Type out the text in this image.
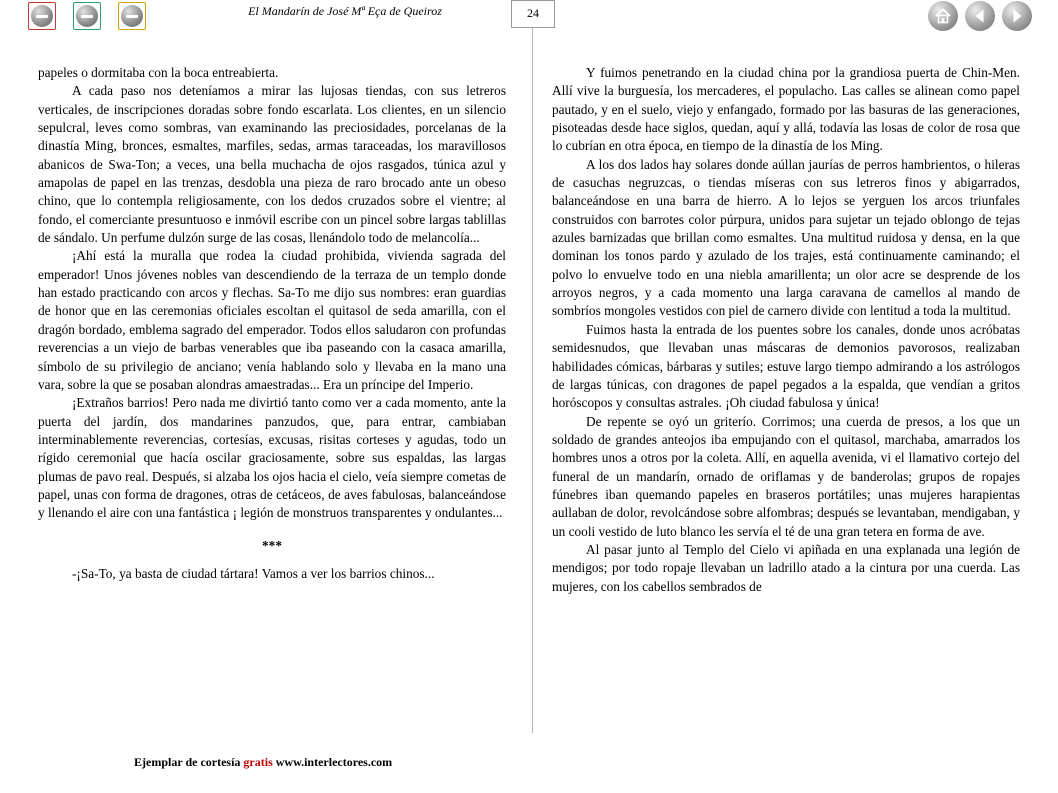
El Mandarín de José Mª Eça de Queiroz	24

papeles o dormitaba con la boca entreabierta.

A cada paso nos deteníamos a mirar las lujosas tiendas, con sus letreros verticales, de inscripciones doradas sobre fondo escarlata. Los clientes, en un silencio sepulcral, leves como sombras, van examinando las preciosidades, porcelanas de la dinastía Ming, bronces, esmaltes, marfiles, sedas, armas taraceadas, los maravillosos abanicos de Swa-Ton; a veces, una bella muchacha de ojos rasgados, túnica azul y amapolas de papel en las trenzas, desdobla una pieza de raro brocado ante un obeso chino, que lo contempla religiosamente, con los dedos cruzados sobre el vientre; al fondo, el comerciante presuntuoso e inmóvil escribe con un pincel sobre largas tablillas de sándalo. Un perfume dulzón surge de las cosas, llenándolo todo de melancolía...

¡Ahí está la muralla que rodea la ciudad prohibida, vivienda sagrada del emperador! Unos jóvenes nobles van descendiendo de la terraza de un templo donde han estado practicando con arcos y flechas. Sa-To me dijo sus nombres: eran guardias de honor que en las ceremonias oficiales escoltan el quitasol de seda amarilla, con el dragón bordado, emblema sagrado del emperador. Todos ellos saludaron con profundas reverencias a un viejo de barbas venerables que iba paseando con la casaca amarilla, símbolo de su privilegio de anciano; venía hablando solo y llevaba en la mano una vara, sobre la que se posaban alondras amaestradas... Era un príncipe del Imperio.

¡Extraños barrios! Pero nada me divirtió tanto como ver a cada momento, ante la puerta del jardín, dos mandarines panzudos, que, para entrar, cambiaban interminablemente reverencias, cortesías, excusas, risitas corteses y agudas, todo un rígido ceremonial que hacía oscilar graciosamente, sobre sus espaldas, las largas plumas de pavo real. Después, si alzaba los ojos hacia el cielo, veía siempre cometas de papel, unas con forma de dragones, otras de cetáceos, de aves fabulosas, balanceándose y llenando el aire con una fantástica ¡ legión de monstruos transparentes y ondulantes...

***

-¡Sa-To, ya basta de ciudad tártara! Vamos a ver los barrios chinos...

Y fuimos penetrando en la ciudad china por la grandiosa puerta de Chin-Men. Allí vive la burguesía, los mercaderes, el populacho. Las calles se alinean como papel pautado, y en el suelo, viejo y enfangado, formado por las basuras de las generaciones, pisoteadas desde hace siglos, quedan, aquí y allá, todavía las losas de color de rosa que lo cubrían en otra época, en tiempo de la dinastía de los Ming.

A los dos lados hay solares donde aúllan jaurías de perros hambrientos, o hileras de casuchas negruzcas, o tiendas míseras con sus letreros finos y abigarrados, balanceándose en una barra de hierro. A lo lejos se yerguen los arcos triunfales construidos con barrotes color púrpura, unidos para sujetar un tejado oblongo de tejas azules barnizadas que brillan como esmaltes. Una multitud ruidosa y densa, en la que dominan los tonos pardo y azulado de los trajes, está continuamente caminando; el polvo lo envuelve todo en una niebla amarillenta; un olor acre se desprende de los arroyos negros, y a cada momento una larga caravana de camellos al mando de sombríos mongoles vestidos con piel de carnero divide con lentitud a toda la multitud.

Fuimos hasta la entrada de los puentes sobre los canales, donde unos acróbatas semidesnudos, que llevaban unas máscaras de demonios pavorosos, realizaban habilidades cómicas, bárbaras y sutiles; estuve largo tiempo admirando a los astrólogos de largas túnicas, con dragones de papel pegados a la espalda, que vendían a gritos horóscopos y consultas astrales. ¡Oh ciudad fabulosa y única!

De repente se oyó un griterío. Corrimos; una cuerda de presos, a los que un soldado de grandes anteojos iba empujando con el quitasol, marchaba, amarrados los hombres unos a otros por la coleta. Allí, en aquella avenida, vi el llamativo cortejo del funeral de un mandarín, ornado de oriflamas y de banderolas; grupos de ropajes fúnebres iban quemando papeles en braseros portátiles; unas mujeres harapientas aullaban de dolor, revolcándose sobre alfombras; después se levantaban, mendigaban, y un cooli vestido de luto blanco les servía el té de una gran tetera en forma de ave.

Al pasar junto al Templo del Cielo vi apiñada en una explanada una legión de mendigos; por todo ropaje llevaban un ladrillo atado a la cintura por una cuerda. Las mujeres, con los cabellos sembrados de

Ejemplar de cortesía gratis www.interlectores.com
